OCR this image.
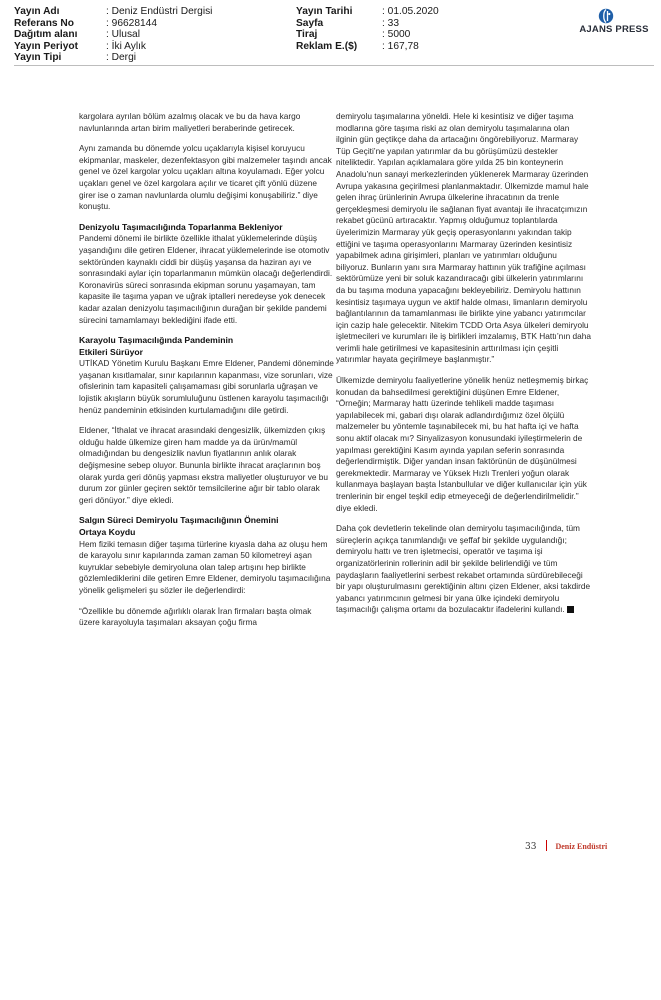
Yayın Adı	: Deniz Endüstri Dergisi	Yayın Tarihi	: 01.05.2020
Referans No	: 96628144	Sayfa	: 33
Dağıtım alanı	: Ulusal	Tiraj	: 5000
Yayın Periyot	: İki Aylık	Reklam E.($)	: 167,78
Yayın Tipi	: Dergi
AJANS PRESS

kargolara ayrılan bölüm azalmış olacak ve bu da hava kargo navlunlarında artan birim maliyetleri beraberinde getirecek.

Aynı zamanda bu dönemde yolcu uçaklarıyla kişisel koruyucu ekipmanlar, maskeler, dezenfektasyon gibi malzemeler taşındı ancak genel ve özel kargolar yolcu uçakları altına koyulamadı. Eğer yolcu uçakları genel ve özel kargolara açılır ve ticaret çift yönlü düzene girer ise o zaman navlunlarda olumlu değişimi konuşabiliriz.” diye konuştu.

Denizyolu Taşımacılığında Toparlanma Bekleniyor

Pandemi dönemi ile birlikte özellikle ithalat yüklemelerinde düşüş yaşandığını dile getiren Eldener, ihracat yüklemelerinde ise otomotiv sektöründen kaynaklı ciddi bir düşüş yaşansa da haziran ayı ve sonrasındaki aylar için toparlanmanın mümkün olacağı değerlendirdi. Koronavirüs süreci sonrasında ekipman sorunu yaşamayan, tam kapasite ile taşıma yapan ve uğrak iptalleri neredeyse yok denecek kadar azalan denizyolu taşımacılığının durağan bir şekilde pandemi sürecini tamamlamayı beklediğini ifade etti.

Karayolu Taşımacılığında Pandeminin Etkileri Sürüyor

UTİKAD Yönetim Kurulu Başkanı Emre Eldener, Pandemi döneminde yaşanan kısıtlamalar, sınır kapılarının kapanması, vize sorunları, vize ofislerinin tam kapasiteli çalışamaması gibi sorunlarla uğraşan ve lojistik akışların büyük sorumluluğunu üstlenen karayolu taşımacılığı henüz pandeminin etkisinden kurtulamadığını dile getirdi.

Eldener, “İthalat ve ihracat arasındaki dengesizlik, ülkemizden çıkış olduğu halde ülkemize giren ham madde ya da ürün/mamül olmadığından bu dengesizlik navlun fiyatlarının anlık olarak değişmesine sebep oluyor. Bununla birlikte ihracat araçlarının boş olarak yurda geri dönüş yapması ekstra maliyetler oluşturuyor ve bu durum zor günler geçiren sektör temsilcilerine ağır bir tablo olarak geri dönüyor.” diye ekledi.

Salgın Süreci Demiryolu Taşımacılığının Önemini Ortaya Koydu

Hem fiziki temasın diğer taşıma türlerine kıyasla daha az oluşu hem de karayolu sınır kapılarında zaman zaman 50 kilometreyi aşan kuyruklar sebebiyle demiryoluna olan talep artışını hep birlikte gözlemlediklerini dile getiren Emre Eldener, demiryolu taşımacılığına yönelik gelişmeleri şu sözler ile değerlendirdi:

“Özellikle bu dönemde ağırlıklı olarak İran firmaları başta olmak üzere karayoluyla taşımaları aksayan çoğu firma

demiryolu taşımalarına yöneldi. Hele ki kesintisiz ve diğer taşıma modlarına göre taşıma riski az olan demiryolu taşımalarına olan ilginin gün geçtikçe daha da artacağını öngörebiliyoruz. Marmaray Tüp Geçiti’ne yapılan yatırımlar da bu görüşümüzü destekler niteliktedir. Yapılan açıklamalara göre yılda 25 bin konteynerin Anadolu’nun sanayi merkezlerinden yüklenerek Marmaray üzerinden Avrupa yakasına geçirilmesi planlanmaktadır. Ülkemizde mamul hale gelen ihraç ürünlerinin Avrupa ülkelerine ihracatının da trenle gerçekleşmesi demiryolu ile sağlanan fiyat avantajı ile ihracatçımızın rekabet gücünü artıracaktır. Yapmış olduğumuz toplantılarda üyelerimizin Marmaray yük geçiş operasyonlarını yakından takip ettiğini ve taşıma operasyonlarını Marmaray üzerinden kesintisiz yapabilmek adına girişimleri, planları ve yatırımları olduğunu biliyoruz. Bunların yanı sıra Marmaray hattının yük trafiğine açılması sektörümüze yeni bir soluk kazandıracağı gibi ülkelerin yatırımlarını da bu taşıma moduna yapacağını bekleyebiliriz. Demiryolu hattının kesintisiz taşımaya uygun ve aktif halde olması, limanların demiryolu bağlantılarının da tamamlanması ile birlikte yine yabancı yatırımcılar için cazip hale gelecektir. Nitekim TCDD Orta Asya ülkeleri demiryolu işletmecileri ve kurumları ile iş birlikleri imzalamış, BTK Hattı’nın daha verimli hale getirilmesi ve kapasitesinin arttırılması için çeşitli yatırımlar hayata geçirilmeye başlanmıştır.”

Ülkemizde demiryolu faaliyetlerine yönelik henüz netleşmemiş birkaç konudan da bahsedilmesi gerektiğini düşünen Emre Eldener, “Örneğin; Marmaray hattı üzerinde tehlikeli madde taşıması yapılabilecek mi, gabari dışı olarak adlandırdığımız özel ölçülü malzemeler bu yöntemle taşınabilecek mi, bu hat hafta içi ve hafta sonu aktif olacak mı? Sinyalizasyon konusundaki iyileştirmelerin de yapılması gerektiğini Kasım ayında yapılan seferin sonrasında değerlendirmiştik. Diğer yandan insan faktörünün de düşünülmesi gerekmektedir. Marmaray ve Yüksek Hızlı Trenleri yoğun olarak kullanmaya başlayan başta İstanbullular ve diğer kullanıcılar için yük trenlerinin bir engel teşkil edip etmeyeceği de değerlendirilmelidir.” diye ekledi.

Daha çok devletlerin tekelinde olan demiryolu taşımacılığında, tüm süreçlerin açıkça tanımlandığı ve şeffaf bir şekilde uygulandığı; demiryolu hattı ve tren işletmecisi, operatör ve taşıma işi organizatörlerinin rollerinin adil bir şekilde belirlendiği ve tüm paydaşların faaliyetlerini serbest rekabet ortamında sürdürebileceği bir yapı oluşturulmasını gerektiğinin altını çizen Eldener, aksi takdirde yabancı yatırımcının gelmesi bir yana ülke içindeki demiryolu taşımacılığı çalışma ortamı da bozulacaktır ifadelerini kullandı.

33 Deniz Endüstri
